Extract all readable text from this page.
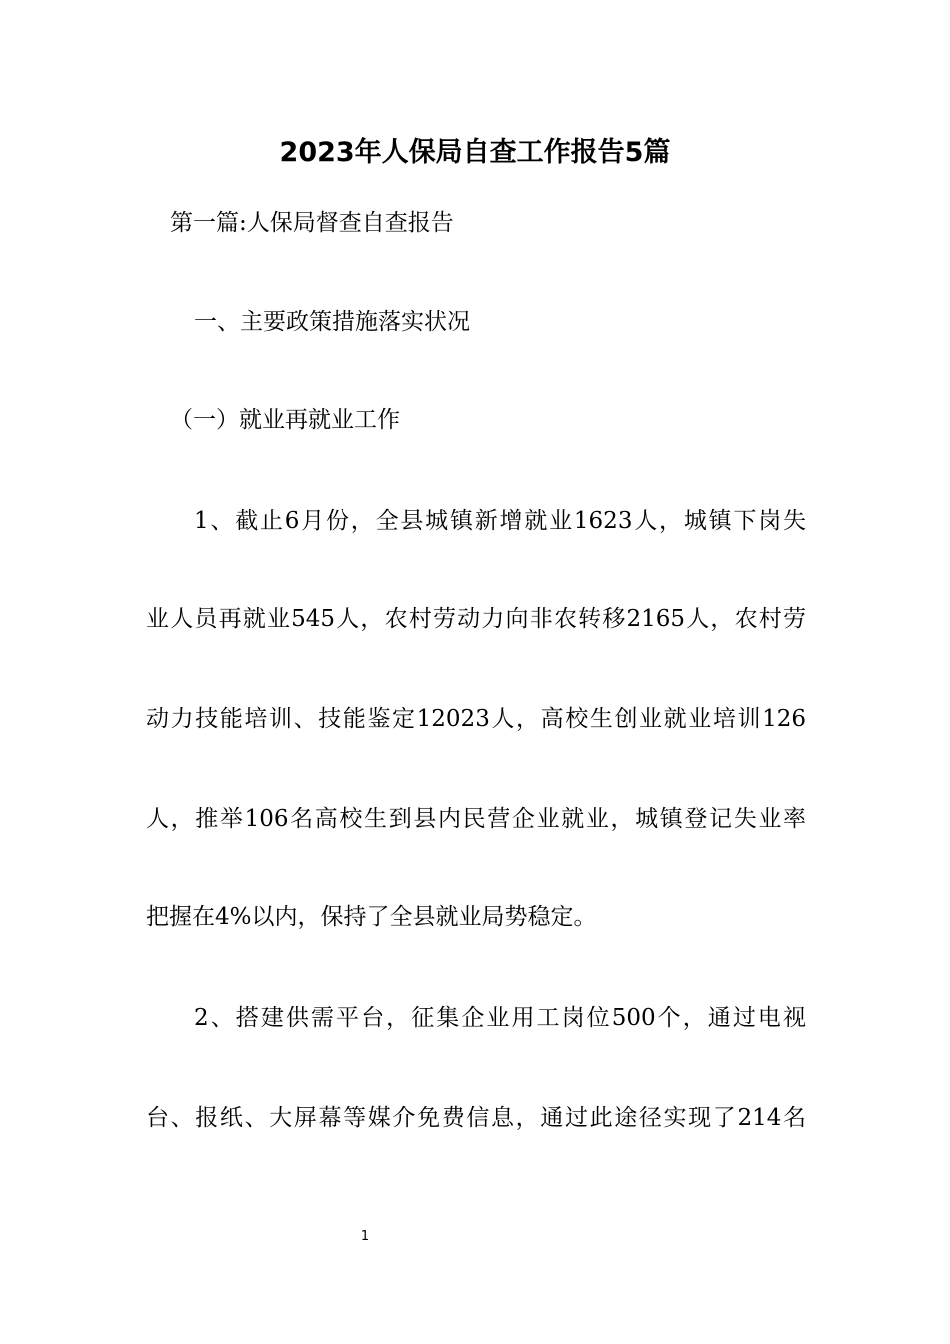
2023年人保局自查工作报告5篇

第一篇:人保局督查自查报告

一、主要政策措施落实状况

（一）就业再就业工作

1、截止6月份，全县城镇新增就业1623人，城镇下岗失

业人员再就业545人，农村劳动力向非农转移2165人，农村劳

动力技能培训、技能鉴定12023人，高校生创业就业培训126

人，推举106名高校生到县内民营企业就业，城镇登记失业率

把握在4%以内，保持了全县就业局势稳定。

2、搭建供需平台，征集企业用工岗位500个，通过电视

台、报纸、大屏幕等媒介免费信息，通过此途径实现了214名

1
